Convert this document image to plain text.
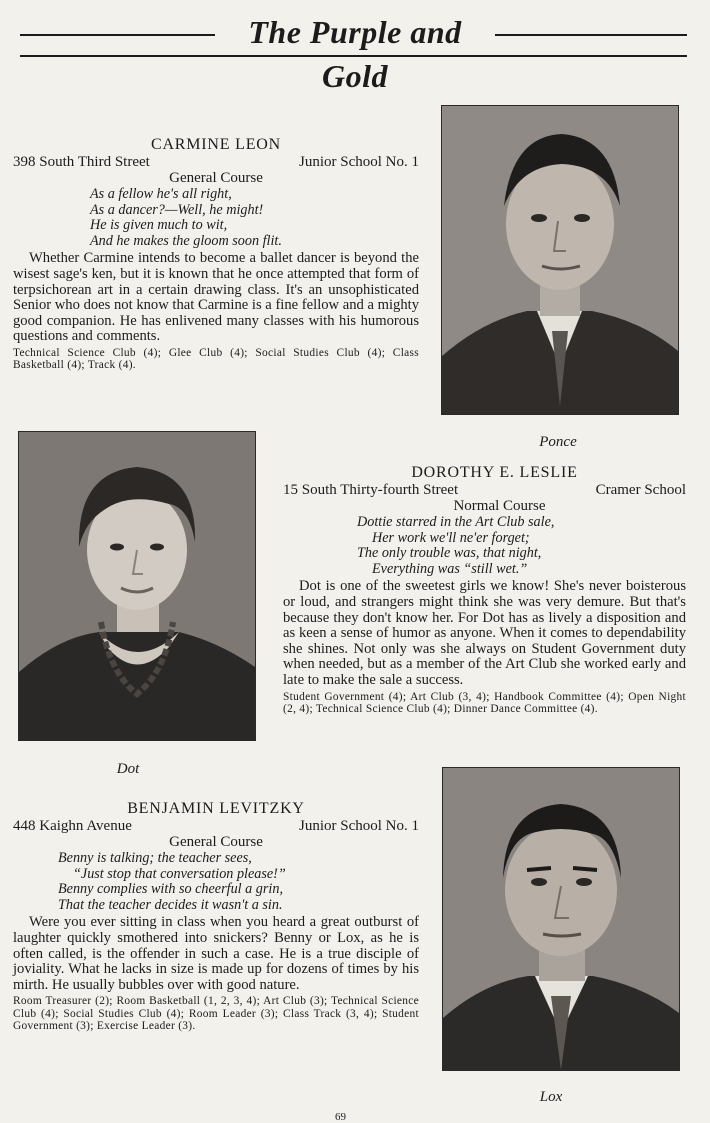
The Purple and Gold
CARMINE LEON
398 South Third Street	Junior School No. 1
General Course
As a fellow he's all right,
As a dancer?—Well, he might!
He is given much to wit,
And he makes the gloom soon flit.

Whether Carmine intends to become a ballet dancer is beyond the wisest sage's ken, but it is known that he once attempted that form of terpsichorean art in a certain drawing class. It's an unsophisticated Senior who does not know that Carmine is a fine fellow and a mighty good companion. He has enlivened many classes with his humorous questions and comments.

Technical Science Club (4); Glee Club (4); Social Studies Club (4); Class Basketball (4); Track (4).

Ponce
Dot
DOROTHY E. LESLIE
15 South Thirty-fourth Street	Cramer School
Normal Course
Dottie starred in the Art Club sale,
Her work we'll ne'er forget;
The only trouble was, that night,
Everything was “still wet.”

Dot is one of the sweetest girls we know! She's never boisterous or loud, and strangers might think she was very demure. But that's because they don't know her. For Dot has as lively a disposition and as keen a sense of humor as anyone. When it comes to dependability she shines. Not only was she always on Student Government duty when needed, but as a member of the Art Club she worked early and late to make the sale a success.

Student Government (4); Art Club (3, 4); Handbook Committee (4); Open Night (2, 4); Technical Science Club (4); Dinner Dance Committee (4).

BENJAMIN LEVITZKY
448 Kaighn Avenue	Junior School No. 1
General Course
Benny is talking; the teacher sees,
“Just stop that conversation please!”
Benny complies with so cheerful a grin,
That the teacher decides it wasn't a sin.

Were you ever sitting in class when you heard a great outburst of laughter quickly smothered into snickers? Benny or Lox, as he is often called, is the offender in such a case. He is a true disciple of joviality. What he lacks in size is made up for dozens of times by his mirth. He usually bubbles over with good nature.

Room Treasurer (2); Room Basketball (1, 2, 3, 4); Art Club (3); Technical Science Club (4); Social Studies Club (4); Room Leader (3); Class Track (3, 4); Student Government (3); Exercise Leader (3).

Lox
69
